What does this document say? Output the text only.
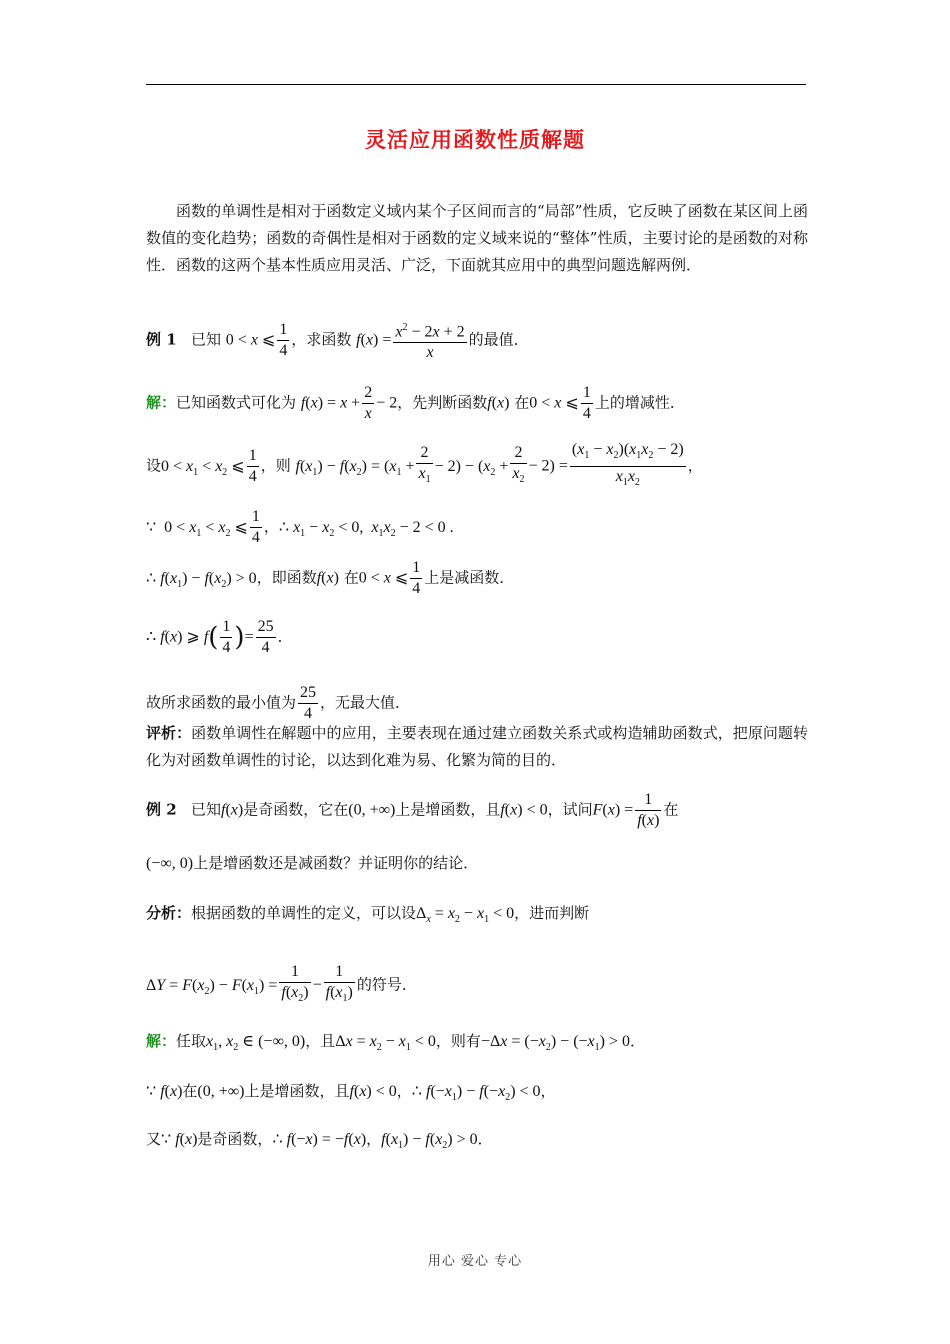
灵活应用函数性质解题
函数的单调性是相对于函数定义域内某个子区间而言的“局部”性质，它反映了函数在某区间上函数值的变化趋势；函数的奇偶性是相对于函数的定义域来说的“整体”性质，主要讨论的是函数的对称性．函数的这两个基本性质应用灵活、广泛，下面就其应用中的典型问题选解两例．
例 1 已知 0 < x ⩽ $\frac{1}{4}$ ，求函数 $f(x) = \frac{x^2 - 2x + 2}{x}$ 的最值．
解：已知函数式可化为 $f(x) = x + \frac{2}{x} - 2$，先判断函数f(x) 在0 < x ⩽ $\frac{1}{4}$ 上的增减性．
设$0 < x_1 < x_2$ ⩽ $\frac{1}{4}$ ，则 $f(x_1) - f(x_2) = (x_1 + \frac{2}{x_1} - 2) - (x_2 + \frac{2}{x_2} - 2) = \frac{(x_1 - x_2)(x_1x_2 - 2)}{x_1x_2}$ ，
∵  $0 < x_1 < x_2$ ⩽ $\frac{1}{4}$ ，∴ $x_1 - x_2 < 0$,  $x_1x_2 - 2 < 0$ .
∴ $f(x_1) - f(x_2) > 0$，即函数f(x) 在0 < x ⩽ $\frac{1}{4}$ 上是减函数．
∴ f(x) ⩾ $f( \frac{1}{4}$ )= $\frac{25}{4}$ ．
故所求函数的最小值为 $\frac{25}{4}$ ，无最大值．
评析：函数单调性在解题中的应用，主要表现在通过建立函数关系式或构造辅助函数式，把原问题转化为对函数单调性的讨论，以达到化难为易、化繁为简的目的．
例 2 已知f(x)是奇函数，它在(0, +∞)上是增函数，且f(x) < 0，试问$F(x) = \frac{1}{f(x)}$ 在
(−∞, 0)上是增函数还是减函数？并证明你的结论．
分析：根据函数的单调性的定义，可以设$\Delta_x = x_2 - x_1 < 0$，进而判断
$\Delta Y = F(x_2) - F(x_1) = \frac{1}{f(x_2)} - \frac{1}{f(x_1)}$ 的符号．
解：任取$x_1$, $x_2$ ∈ (−∞, 0)，且$\Delta x = x_2 - x_1 < 0$，则有$-\Delta x = (-x_2) - (-x_1) > 0$．
∵ f(x)在(0, +∞)上是增函数，且f(x) < 0，∴ $f(-x_1) - f(-x_2) < 0$，
又∵ f(x)是奇函数，∴ f(−x) = −f(x)，$f(x_1) - f(x_2) > 0$．
用心 爱心 专心
